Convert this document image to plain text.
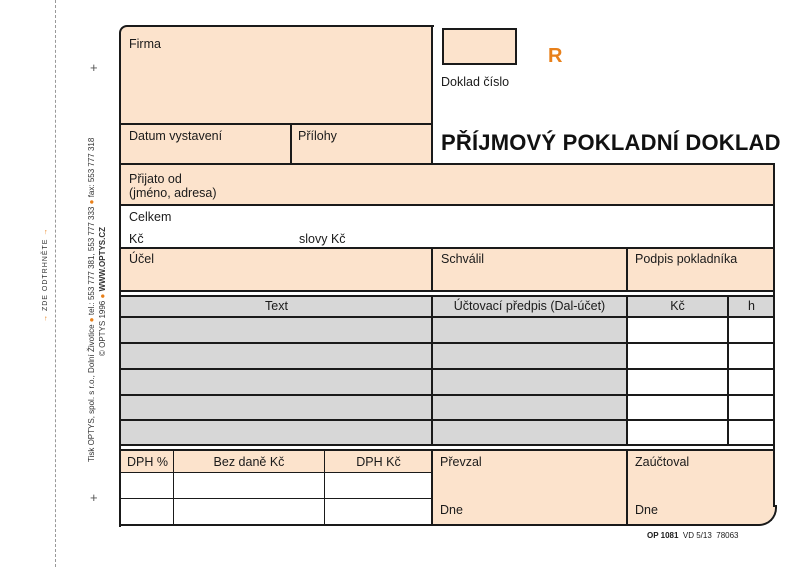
+
+
→ ZDE ODTRHNĚTE →
Tisk OPTYS, spol. s r.o., Dolní Životice ● tel.: 553 777 381, 553 777 333 ● fax: 553 777 318
© OPTYS 1996 ● WWW.OPTYS.CZ
Firma
Datum vystavení	Přílohy
Přijato od
(jméno, adresa)
Celkem
Kč	slovy Kč
Účel	Schválil	Podpis pokladníka
Text	Účtovací předpis (Dal-účet)	Kč	h
DPH %	Bez daně Kč	DPH Kč	Převzal	Zaúčtoval
Dne	Dne
R
Doklad číslo
PŘÍJMOVÝ POKLADNÍ DOKLAD
OP 1081 VD 5/13 78063
